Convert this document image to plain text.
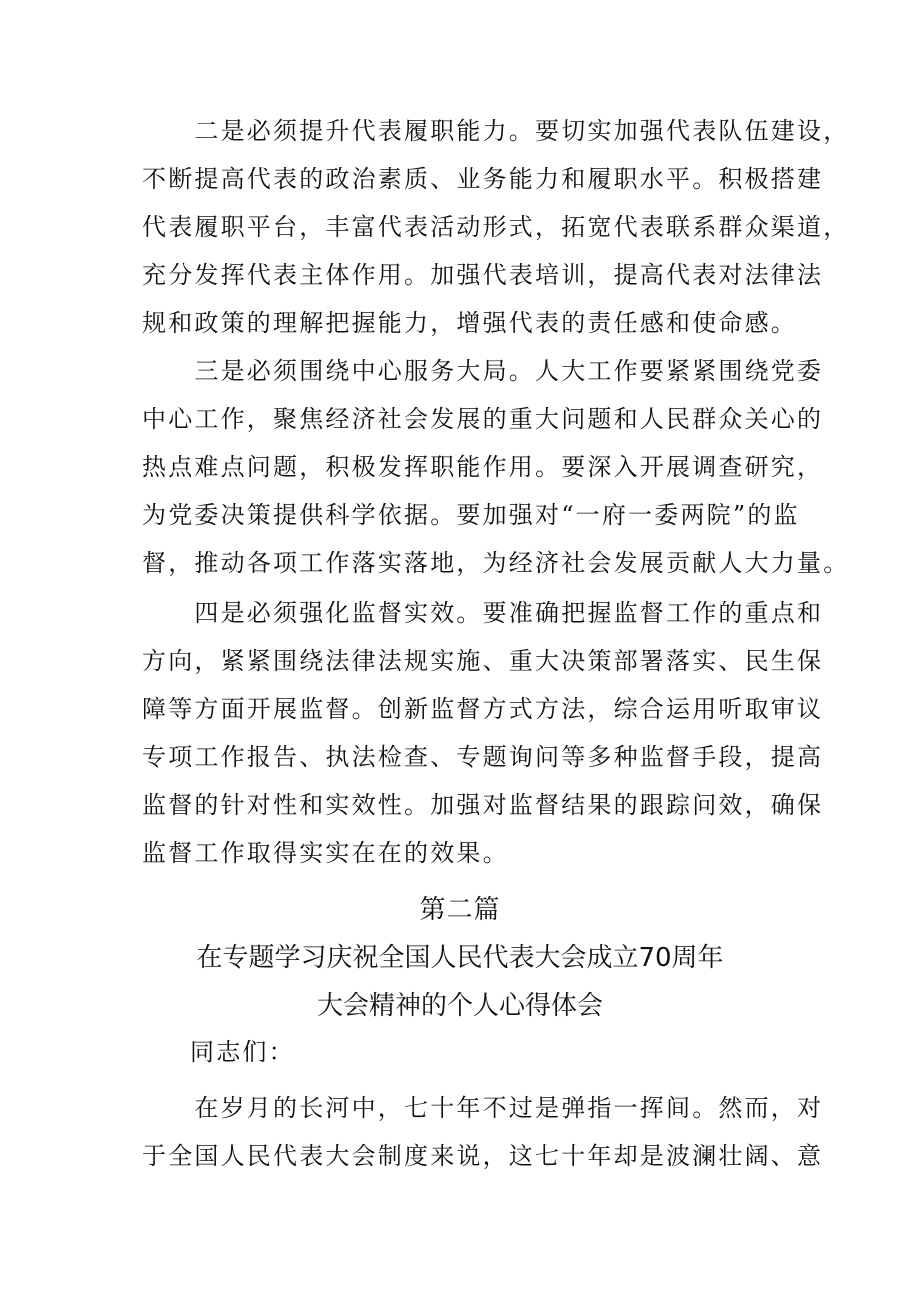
　　二是必须提升代表履职能力。要切实加强代表队伍建设，
不断提高代表的政治素质、业务能力和履职水平。积极搭建
代表履职平台，丰富代表活动形式，拓宽代表联系群众渠道，
充分发挥代表主体作用。加强代表培训，提高代表对法律法
规和政策的理解把握能力，增强代表的责任感和使命感。
　　三是必须围绕中心服务大局。人大工作要紧紧围绕党委
中心工作，聚焦经济社会发展的重大问题和人民群众关心的
热点难点问题，积极发挥职能作用。要深入开展调查研究，
为党委决策提供科学依据。要加强对“一府一委两院”的监
督，推动各项工作落实落地，为经济社会发展贡献人大力量。
　　四是必须强化监督实效。要准确把握监督工作的重点和
方向，紧紧围绕法律法规实施、重大决策部署落实、民生保
障等方面开展监督。创新监督方式方法，综合运用听取审议
专项工作报告、执法检查、专题询问等多种监督手段，提高
监督的针对性和实效性。加强对监督结果的跟踪问效，确保
监督工作取得实实在在的效果。
第二篇
在专题学习庆祝全国人民代表大会成立70周年
大会精神的个人心得体会
同志们：
　　在岁月的长河中，七十年不过是弹指一挥间。然而，对
于全国人民代表大会制度来说，这七十年却是波澜壮阔、意
